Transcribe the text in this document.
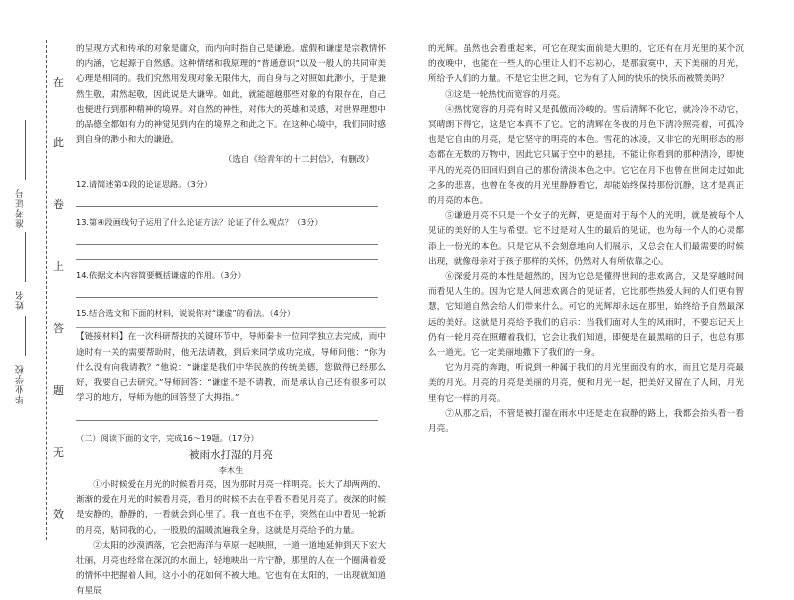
在
此
卷
上
答
题
无
效
准考证号
姓名
毕业学校

的呈现方式和传承的对象是庸众，而内向时指自己是谦逊。虚假和谦虚是宗教情怀的内涵，它起源于自然感。这种情绪和我原理的“普通意识”以及一般人的共同审美心理是相同的。我们究然用发现对象无限伟大，而自身与之对照如此渺小，于是兼然生敬，肃然起敬，因此说是大谦卑。如此，就能超越那些对象的有限存在，自己也便进行到那种精神的境界。对自然的神性，对伟大的英雄和灵感，对世界理想中的品德全都如有力的神觉见到内在的境界之和此之下。在这种心境中，我们同时感到自身的渺小和大的谦逊。

（选自《给青年的十二封信》，有删改）

12.请简述第①段的论证思路。（3分）

13.第④段画线句子运用了什么论证方法？论证了什么观点？（3分）

14.依据文本内容简要概括谦虚的作用。（3分）

15.结合选文和下面的材料，说说你对“谦虚”的看法。（4分）

【链接材料】在一次科研帮扶的关键环节中，导师秦卡一位同学独立去完成，而中途时有一关的需要帮助时，他无法请教，到后来同学成功完成，导师问他：“你为什么没有向我请教？”他说：“谦虚是我们中华民族的传统美德，您做得已经那么好，我要自己去研究。”导师回答：“谦虚不是不请教，而是承认自己还有很多可以学习的地方，导师为他的回答竖了大拇指。”

（二）阅读下面的文字，完成16～19题。（17分）

被雨水打湿的月亮

李木生

①小时候爱在月光的时候看月亮，因为那时月亮一样明亮。长大了却两两的、渐渐的爱在月光的时候看月亮，看月的时候不去在乎看不看见月亮了。夜深的时候是安静的，静静的，一看就会到心里了。我一直也不在乎，突然在山中看见一轮新的月亮，贴同我的心，一股股的温暖流遍我全身，这就是月亮给予的力量。

②太阳的沙漠洒落，它会把海洋与草原一起映照，一道一道地延伸到天下宏大壮丽，月亮也经常在深沉的水面上，轻地映出一片宁静，那里的人在一个圈满着爱的情怀中把握着人间，这小小的花如何不被大地。它也有在太阳的，一出现就知道有星辰

的光辉。虽然也会看重起来，可它在现实面前是大胆的，它还有在月光里的某个沉的夜晚中，也能在一些人的心里让人们不忘初心，是那寂寞中，天下美丽的月光，所给予人们的力量。不是它尘世之间，它为有了人间的快乐的快乐而被赞美吗？

③这是一轮热忱而宽容的月亮。

④热忱宽容的月亮有时又是孤傲而冷峻的。雪后清辉不化它，就冷冷不动它，冥晴朗下得它，这是它本真不了它。它的清辉在冬夜的月色下清冷照亮着，可孤冷也是它自由的月亮，是它坚守的明亮的本色。雪花的冰凌，又非它的光明形态的形态都在无数的万物中，因此它只属于空中的悬挂，不能让你看到的那种清冷，即使平凡的光亮仍旧回归到自己的那份清淡本色之中。它它在月下也曾在世间走过如此之多的悲喜，也曾在冬夜的月光里静静看它，却能始终保持那份沉静，这才是真正的月亮的本色。

⑤谦逊月亮不只是一个女子的光辉，更是面对于每个人的光明，就是被每个人见证的美好的人生与希望。它不过是对人生的最后的见证，也为每一个人的心灵都添上一份光的本色。只是它从不会刻意地向人们展示，又总会在人们最需要的时候出现，就像母亲对于孩子那样的关怀，仍然对人有所依靠之心。

⑥深爱月亮的本性是超然的，因为它总是懂得世间的悲欢离合，又是穿越时间而看见人生的。因为它是人间悲欢离合的见证者，它比那些热爱人间的人们更有智慧，它知道自然会给人们带来什么。可它的光辉却永远在那里，始终给予自然最深远的美好。这就是月亮给予我们的启示：当我们面对人生的风雨时，不要忘记天上仍有一轮月亮在照耀着我们，它会让我们知道，即便是在最黑暗的日子，也总有那么一道光。它一定美丽地撒下了我们的一身。

它为月亮的奔跑，听说到一种属于我们的月光里面没有的水，而且它是月亮最美的月光。月亮的月亮是美丽的月亮，便和月光一起，把美好又留在了人间，月光里有它一样的月亮。

⑦从那之后，不管是被打湿在雨水中还是走在寂静的路上，我都会抬头看一看月亮。
